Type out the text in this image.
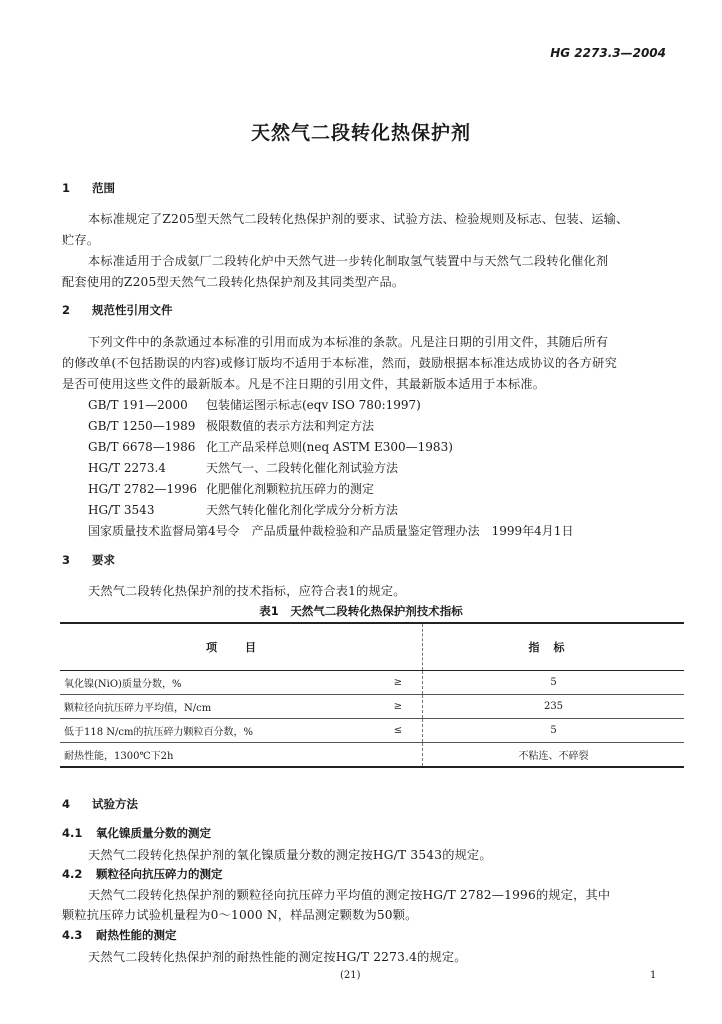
HG 2273.3—2004
天然气二段转化热保护剂
1 范围
本标准规定了Z205型天然气二段转化热保护剂的要求、试验方法、检验规则及标志、包装、运输、
贮存。
本标准适用于合成氨厂二段转化炉中天然气进一步转化制取氢气装置中与天然气二段转化催化剂
配套使用的Z205型天然气二段转化热保护剂及其同类型产品。
2 规范性引用文件
下列文件中的条款通过本标准的引用而成为本标准的条款。凡是注日期的引用文件，其随后所有
的修改单(不包括勘误的内容)或修订版均不适用于本标准，然而，鼓励根据本标准达成协议的各方研究
是否可使用这些文件的最新版本。凡是不注日期的引用文件，其最新版本适用于本标准。
GB/T 191—2000 包装储运图示标志(eqv ISO 780:1997)
GB/T 1250—1989 极限数值的表示方法和判定方法
GB/T 6678—1986 化工产品采样总则(neq ASTM E300—1983)
HG/T 2273.4	天然气一、二段转化催化剂试验方法
HG/T 2782—1996 化肥催化剂颗粒抗压碎力的测定
HG/T 3543	天然气转化催化剂化学成分分析方法
国家质量技术监督局第4号令　产品质量仲裁检验和产品质量鉴定管理办法　1999年4月1日
3 要求
天然气二段转化热保护剂的技术指标，应符合表1的规定。
表1　天然气二段转化热保护剂技术指标
项目		指标
氧化镍(NiO)质量分数，%	≥	5
颗粒径向抗压碎力平均值，N/cm	≥	235
低于118 N/cm的抗压碎力颗粒百分数，%	≤	5
耐热性能，1300℃下2h		不粘连、不碎裂
4 试验方法
4.1 氧化镍质量分数的测定
天然气二段转化热保护剂的氧化镍质量分数的测定按HG/T 3543的规定。
4.2 颗粒径向抗压碎力的测定
天然气二段转化热保护剂的颗粒径向抗压碎力平均值的测定按HG/T 2782—1996的规定，其中
颗粒抗压碎力试验机量程为0～1000 N，样品测定颗数为50颗。
4.3 耐热性能的测定
天然气二段转化热保护剂的耐热性能的测定按HG/T 2273.4的规定。
(21)	1
